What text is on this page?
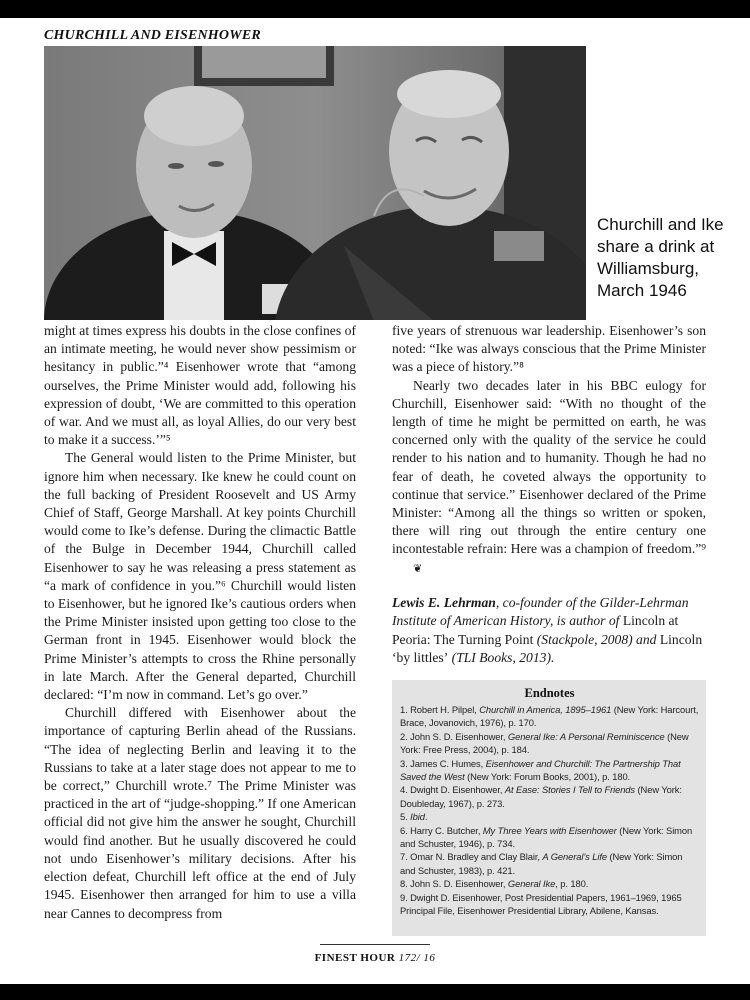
CHURCHILL AND EISENHOWER
Churchill and Ike share a drink at Williamsburg, March 1946

might at times express his doubts in the close confines of an intimate meeting, he would never show pessimism or hesitancy in public.”⁴ Eisenhower wrote that “among ourselves, the Prime Minister would add, following his expression of doubt, ‘We are committed to this operation of war. And we must all, as loyal Allies, do our very best to make it a success.’”⁵

The General would listen to the Prime Minister, but ignore him when necessary. Ike knew he could count on the full backing of President Roosevelt and US Army Chief of Staff, George Marshall. At key points Churchill would come to Ike’s defense. During the climactic Battle of the Bulge in December 1944, Churchill called Eisenhower to say he was releasing a press statement as “a mark of confidence in you.”⁶ Churchill would listen to Eisenhower, but he ignored Ike’s cautious orders when the Prime Minister insisted upon getting too close to the German front in 1945. Eisenhower would block the Prime Minister’s attempts to cross the Rhine personally in late March. After the General departed, Churchill declared: “I’m now in command. Let’s go over.”

Churchill differed with Eisenhower about the importance of capturing Berlin ahead of the Russians. “The idea of neglecting Berlin and leaving it to the Russians to take at a later stage does not appear to me to be correct,” Churchill wrote.⁷ The Prime Minister was practiced in the art of “judge-shopping.” If one American official did not give him the answer he sought, Churchill would find another. But he usually discovered he could not undo Eisenhower’s military decisions. After his election defeat, Churchill left office at the end of July 1945. Eisenhower then arranged for him to use a villa near Cannes to decompress from

five years of strenuous war leadership. Eisenhower’s son noted: “Ike was always conscious that the Prime Minister was a piece of history.”⁸

Nearly two decades later in his BBC eulogy for Churchill, Eisenhower said: “With no thought of the length of time he might be permitted on earth, he was concerned only with the quality of the service he could render to his nation and to humanity. Though he had no fear of death, he coveted always the opportunity to continue that service.” Eisenhower declared of the Prime Minister: “Among all the things so written or spoken, there will ring out through the entire century one incontestable refrain: Here was a champion of freedom.”⁹ ❦

Lewis E. Lehrman, co-founder of the Gilder-Lehrman Institute of American History, is author of Lincoln at Peoria: The Turning Point (Stackpole, 2008) and Lincoln ‘by littles’ (TLI Books, 2013).

Endnotes
1. Robert H. Pilpel, Churchill in America, 1895–1961 (New York: Harcourt, Brace, Jovanovich, 1976), p. 170.
2. John S. D. Eisenhower, General Ike: A Personal Reminiscence (New York: Free Press, 2004), p. 184.
3. James C. Humes, Eisenhower and Churchill: The Partnership That Saved the West (New York: Forum Books, 2001), p. 180.
4. Dwight D. Eisenhower, At Ease: Stories I Tell to Friends (New York: Doubleday, 1967), p. 273.
5. Ibid.
6. Harry C. Butcher, My Three Years with Eisenhower (New York: Simon and Schuster, 1946), p. 734.
7. Omar N. Bradley and Clay Blair, A General’s Life (New York: Simon and Schuster, 1983), p. 421.
8. John S. D. Eisenhower, General Ike, p. 180.
9. Dwight D. Eisenhower, Post Presidential Papers, 1961–1969, 1965 Principal File, Eisenhower Presidential Library, Abilene, Kansas.
FINEST HOUR 172/ 16
